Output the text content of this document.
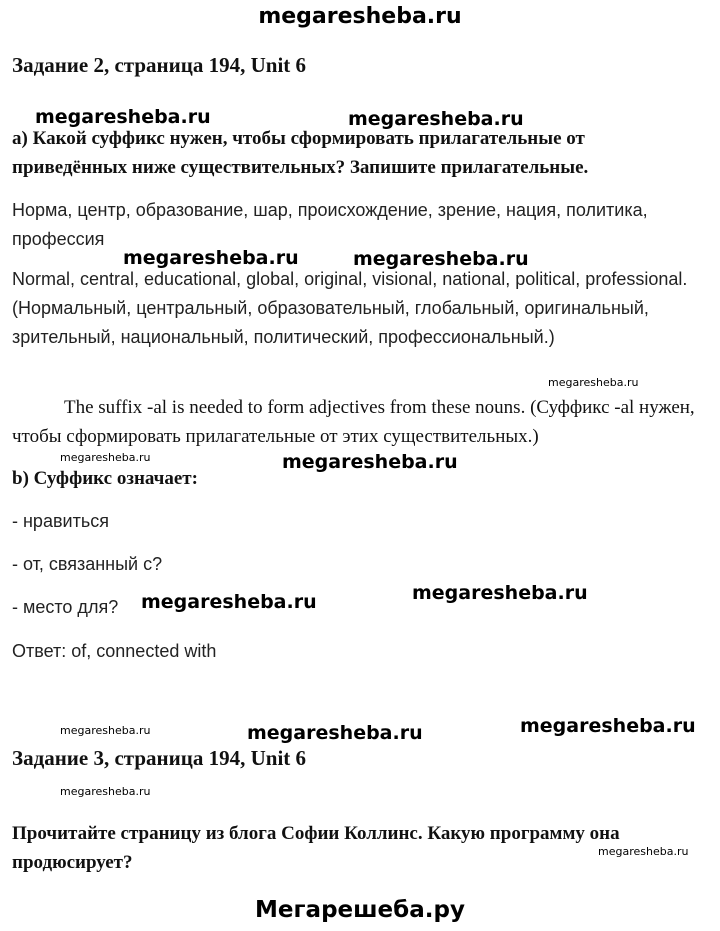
megaresheba.ru
Задание 2, страница 194, Unit 6
megaresheba.ru	megaresheba.ru
a) Какой суффикс нужен, чтобы сформировать прилагательные от приведённых ниже существительных? Запишите прилагательные.
Норма, центр, образование, шар, происхождение, зрение, нация, политика, профессия
megaresheba.ru	megaresheba.ru
Normal, central, educational, global, original, visional, national, political, professional. (Нормальный, центральный, образовательный, глобальный, оригинальный, зрительный, национальный, политический, профессиональный.)
megaresheba.ru
The suffix -al is needed to form adjectives from these nouns. (Суффикс -al нужен, чтобы сформировать прилагательные от этих существительных.)
megaresheba.ru	megaresheba.ru
b) Суффикс означает:
- нравиться
- от, связанный с?
- место для?	megaresheba.ru	megaresheba.ru
Ответ: of, connected with
megaresheba.ru	megaresheba.ru	megaresheba.ru
Задание 3, страница 194, Unit 6
megaresheba.ru
Прочитайте страницу из блога Софии Коллинс. Какую программу она продюсирует?
megaresheba.ru
Мегарешеба.ру
